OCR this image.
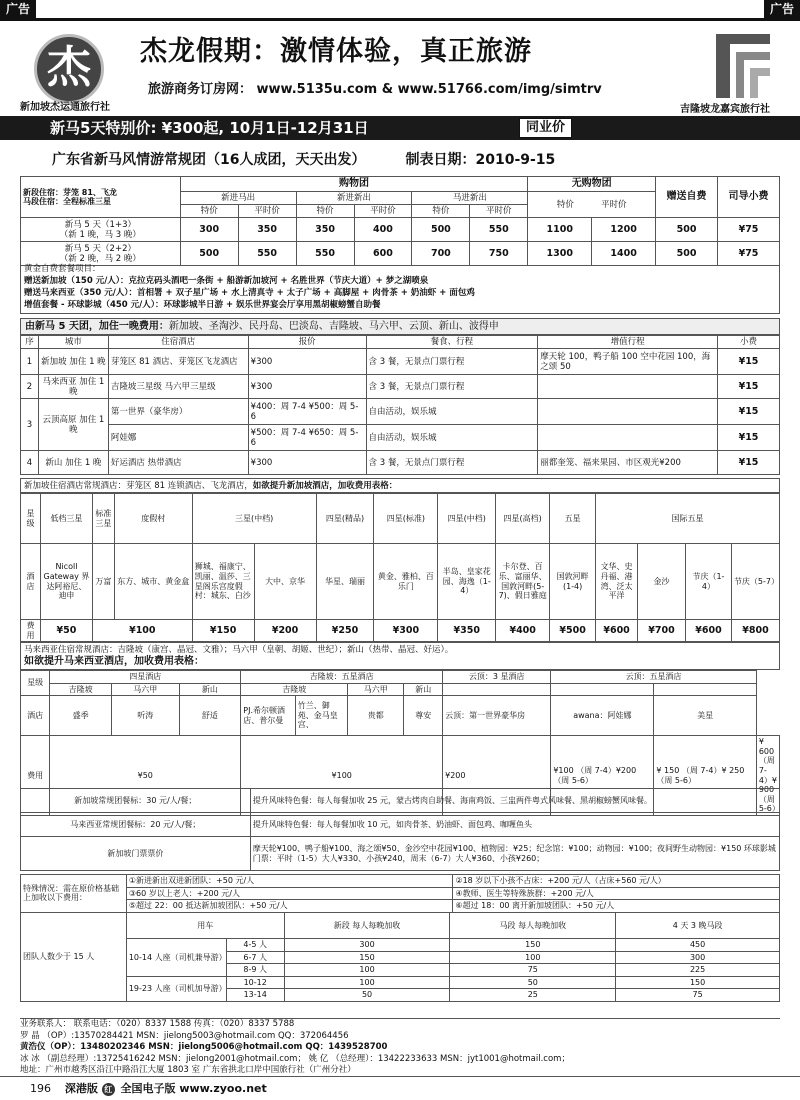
广告	广告
杰	杰龙假期：激情体验，真正旅游
旅游商务订房网： www.5135u.com & www.51766.com/img/simtrv
新加坡杰运通旅行社	吉隆坡龙嘉宾旅行社
新马5天特别价: ¥300起, 10月1日-12月31日	同业价
广东省新马风情游常规团（16人成团，天天出发）	制表日期：2010-9-15
新段住宿：芽笼 81、飞龙
马段住宿：全程标准三星	购物团						无购物团		赠送自费	司导小费
	新进马出		新进新出		马进新出		特价 平时价			
	特价	平时价	特价	平时价	特价	平时价				

新马 5 天（1+3）
（新 1 晚，马 3 晚）	300	350	350	400	500	550	1100	1200	500	¥75

新马 5 天（2+2）
（新 2 晚，马 2 晚）	500	550	550	600	700	750	1300	1400	500	¥75
黄金自费套餐项目：
赠送新加坡（150 元/人）：克拉克码头酒吧一条街 + 船游新加坡河 + 名胜世界（节庆大道）+ 梦之湖喷泉
赠送马来西亚（350 元/人）：首相署 + 双子星广场 + 水上清真寺 + 太子广场 + 高脚屋 + 肉骨茶 + 奶油虾 + 面包鸡
增值套餐 - 环球影城（450 元/人）：环球影城半日游 + 娱乐世界宴会厅享用黑胡椒螃蟹自助餐
由新马 5 天团，加住一晚费用：新加坡、圣淘沙、民丹岛、巴淡岛、吉隆坡、马六甲、云顶、新山、波得申
序	城市	住宿酒店	报价	餐食、行程	增值行程	小费
1	新加坡 加住 1 晚	芽笼区 81 酒店、芽笼区飞龙酒店	¥300	含 3 餐，无景点门票行程	摩天轮 100，鸭子船 100 空中花园 100，海之颂 50	¥15
2	马来西亚 加住 1 晚	吉隆坡三星级 马六甲三星级	¥300	含 3 餐，无景点门票行程		¥15
3	云顶高原 加住 1 晚	第一世界（豪华房）	¥400：周 7-4 ¥500：周 5-6	自由活动，娱乐城		¥15
		阿娃娜	¥500：周 7-4 ¥650：周 5-6	自由活动，娱乐城		¥15
4	新山 加住 1 晚	好运酒店 热带酒店	¥300	含 3 餐，无景点门票行程	丽都奎笼、福来果园、市区观光¥200	¥15
新加坡住宿酒店常规酒店：芽笼区 81 连锁酒店、飞龙酒店，如欲提升新加坡酒店，加收费用表格：
星级	低档三星	标准三星	度假村	三星(中档)		四星(精品)	四星(标准)	四星(中档)	四星(高档)	五星	国际五星			
酒店	Nicoll Gateway 界达阿裕尼、迪申	万富	东方、城市、黄金盒	狮城、福康宁、凯丽、温莎、三星阁乐宫度假村：城东、白沙	大中、京华	华星、瑞丽	黄金、雅柏、百乐门	半岛、皇家花园、海逸（1-4）	卡尔登、百乐、富丽华、国敦河畔(5-7)、假日雅庭	国敦河畔(1-4)	文华、史丹福、港湾、泛太平洋	金沙	节庆（1-4）	节庆（5-7）
费用	¥50	¥100		¥150	¥200	¥250	¥300	¥350	¥400	¥500	¥600	¥700	¥600	¥800
马来西亚住宿常规酒店：吉隆坡（康宫、晶冠、文雅）；马六甲（皇朝、胡姬、世纪）；新山（热带、晶冠、好运）。
如欲提升马来西亚酒店，加收费用表格：
星级	四星酒店			吉隆坡：五星酒店				云顶：3 星酒店	云顶：五星酒店		
	吉隆坡	马六甲	新山	吉隆坡		马六甲	新山				
酒店	盛季	听涛	舒适	PJ.希尔顿酒店、普尔曼	竹兰、御苑、金马皇宫、	贵都	尊安	云顶：第一世界豪华房	awana：阿娃娜	美星	
费用	¥50			¥100				¥200	¥100 （周 7-4）¥200（周 5-6）	¥ 150 （周 7-4）¥ 250 （周 5-6）	¥ 600 （周 7-4）¥ 900 （周 5-6）
新加坡常规团餐标：30 元/人/餐；	提升风味特色餐：每人每餐加收 25 元，蒙古烤肉自助餐、海南鸡饭、三盅两件粤式风味餐、黑胡椒螃蟹风味餐。
马来西亚常规团餐标：20 元/人/餐；	提升风味特色餐：每人每餐加收 10 元，如肉骨茶、奶油虾、面包鸡、咖喱鱼头
新加坡门票票价	摩天轮¥100、鸭子船¥100、海之颂¥50、金沙空中花园¥100、植物园：¥25；纪念馆：¥100；动物园：¥100；夜间野生动物园：¥150 环球影城门票：平时（1-5）大人¥330、小孩¥240，周末（6-7）大人¥360、小孩¥260；
特殊情况：需在原价格基础上加收以下费用：	①新进新出双进新团队：+50 元/人	②18 岁以下小孩不占床：+200 元/人（占床+560 元/人）
	③60 岁以上老人：+200 元/人	④教师、医生等特殊族群：+200 元/人
	⑤超过 22：00 抵达新加坡团队：+50 元/人	⑥超过 18：00 离开新加坡团队：+50 元/人
团队人数少于 15 人	用车		新段 每人每晚加收	马段 每人每晚加收	4 天 3 晚马段
	10-14 人座（司机兼导游）	4-5 人	300	150	450
		6-7 人	150	100	300
		8-9 人	100	75	225
	19-23 人座（司机加导游）	10-12	100	50	150
		13-14	50	25	75
业务联系人： 联系电话：（020）8337 1588 传真：（020）8337 5788
罗 晶 （OP）:13570284421 MSN：jielong5003@hotmail.com QQ：372064456
黄浩仪（OP）：13480202346 MSN：jielong5006@hotmail.com QQ：1439528700
冰 冰 （副总经理）:13725416242 MSN：jielong2001@hotmail.com； 姚 亿 （总经理）：13422233633 MSN：jyt1001@hotmail.com；
地址：广州市越秀区沿江中路沿江大厦 1803 室 广东省拱北口岸中国旅行社（广州分社）
196 深港版 红 全国电子版 www.zyoo.net
